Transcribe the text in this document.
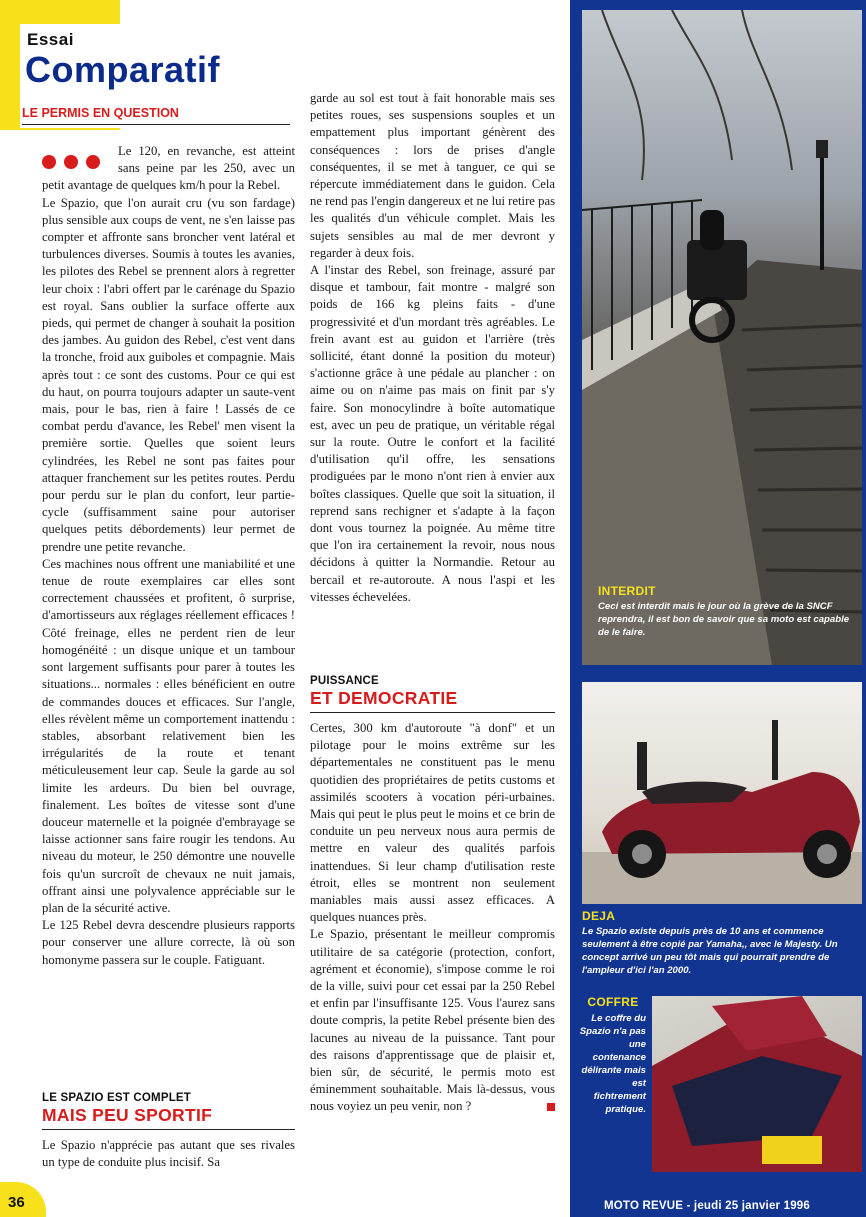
Essai
Comparatif
LE PERMIS EN QUESTION

Le 120, en revanche, est atteint sans peine par les 250, avec un petit avantage de quelques km/h pour la Rebel.

Le Spazio, que l'on aurait cru (vu son fardage) plus sensible aux coups de vent, ne s'en laisse pas compter et affronte sans broncher vent latéral et turbulences diverses. Soumis à toutes les avanies, les pilotes des Rebel se prennent alors à regretter leur choix : l'abri offert par le carénage du Spazio est royal. Sans oublier la surface offerte aux pieds, qui permet de changer à souhait la position des jambes. Au guidon des Rebel, c'est vent dans la tronche, froid aux guiboles et compagnie. Mais après tout : ce sont des customs. Pour ce qui est du haut, on pourra toujours adapter un saute-vent mais, pour le bas, rien à faire ! Lassés de ce combat perdu d'avance, les Rebel' men visent la première sortie. Quelles que soient leurs cylindrées, les Rebel ne sont pas faites pour attaquer franchement sur les petites routes. Perdu pour perdu sur le plan du confort, leur partie-cycle (suffisamment saine pour autoriser quelques petits débordements) leur permet de prendre une petite revanche.

Ces machines nous offrent une maniabilité et une tenue de route exemplaires car elles sont correctement chaussées et profitent, ô surprise, d'amortisseurs aux réglages réellement efficaces ! Côté freinage, elles ne perdent rien de leur homogénéité : un disque unique et un tambour sont largement suffisants pour parer à toutes les situations... normales : elles bénéficient en outre de commandes douces et efficaces. Sur l'angle, elles révèlent même un comportement inattendu : stables, absorbant relativement bien les irrégularités de la route et tenant méticuleusement leur cap. Seule la garde au sol limite les ardeurs. Du bien bel ouvrage, finalement. Les boîtes de vitesse sont d'une douceur maternelle et la poignée d'embrayage se laisse actionner sans faire rougir les tendons. Au niveau du moteur, le 250 démontre une nouvelle fois qu'un surcroît de chevaux ne nuit jamais, offrant ainsi une polyvalence appréciable sur le plan de la sécurité active.

Le 125 Rebel devra descendre plusieurs rapports pour conserver une allure correcte, là où son homonyme passera sur le couple. Fatiguant.

LE SPAZIO EST COMPLET
MAIS PEU SPORTIF

Le Spazio n'apprécie pas autant que ses rivales un type de conduite plus incisif. Sa

garde au sol est tout à fait honorable mais ses petites roues, ses suspensions souples et un empattement plus important génèrent des conséquences : lors de prises d'angle conséquentes, il se met à tanguer, ce qui se répercute immédiatement dans le guidon. Cela ne rend pas l'engin dangereux et ne lui retire pas les qualités d'un véhicule complet. Mais les sujets sensibles au mal de mer devront y regarder à deux fois.

A l'instar des Rebel, son freinage, assuré par disque et tambour, fait montre - malgré son poids de 166 kg pleins faits - d'une progressivité et d'un mordant très agréables. Le frein avant est au guidon et l'arrière (très sollicité, étant donné la position du moteur) s'actionne grâce à une pédale au plancher : on aime ou on n'aime pas mais on finit par s'y faire. Son monocylindre à boîte automatique est, avec un peu de pratique, un véritable régal sur la route. Outre le confort et la facilité d'utilisation qu'il offre, les sensations prodiguées par le mono n'ont rien à envier aux boîtes classiques. Quelle que soit la situation, il reprend sans rechigner et s'adapte à la façon dont vous tournez la poignée. Au même titre que l'on ira certainement la revoir, nous nous décidons à quitter la Normandie. Retour au bercail et re-autoroute. A nous l'aspi et les vitesses échevelées.

PUISSANCE
ET DEMOCRATIE

Certes, 300 km d'autoroute "à donf" et un pilotage pour le moins extrême sur les départementales ne constituent pas le menu quotidien des propriétaires de petits customs et assimilés scooters à vocation péri-urbaines. Mais qui peut le plus peut le moins et ce brin de conduite un peu nerveux nous aura permis de mettre en valeur des qualités parfois inattendues. Si leur champ d'utilisation reste étroit, elles se montrent non seulement maniables mais aussi assez efficaces. A quelques nuances près.

Le Spazio, présentant le meilleur compromis utilitaire de sa catégorie (protection, confort, agrément et économie), s'impose comme le roi de la ville, suivi pour cet essai par la 250 Rebel et enfin par l'insuffisante 125. Vous l'aurez sans doute compris, la petite Rebel présente bien des lacunes au niveau de la puissance. Tant pour des raisons d'apprentissage que de plaisir et, bien sûr, de sécurité, le permis moto est éminemment souhaitable. Mais là-dessus, vous nous voyiez un peu venir, non ?

36
INTERDIT
Ceci est interdit mais le jour où la grève de la SNCF reprendra, il est bon de savoir que sa moto est capable de le faire.
DEJA
Le Spazio existe depuis près de 10 ans et commence seulement à être copié par Yamaha,, avec le Majesty. Un concept arrivé un peu tôt mais qui pourrait prendre de l'ampleur d'ici l'an 2000.
COFFRE
Le coffre du Spazio n'a pas une contenance délirante mais est fichtrement pratique.
MOTO REVUE - jeudi 25 janvier 1996
